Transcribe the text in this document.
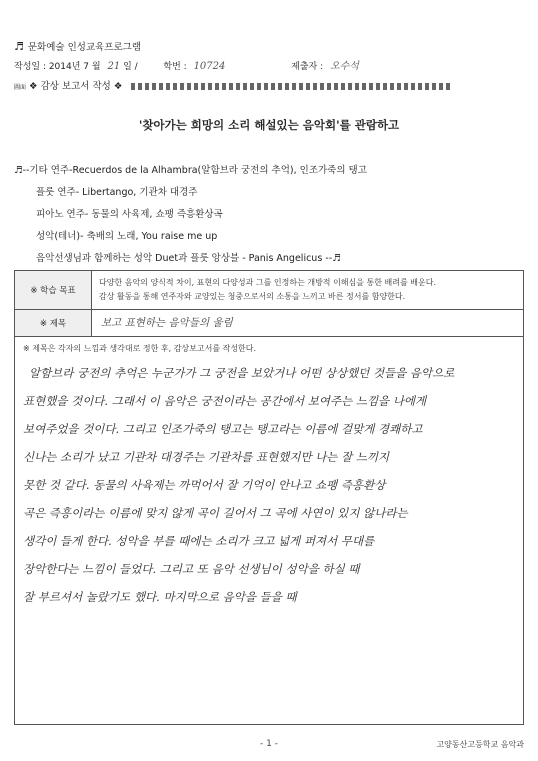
♬ 문화예술 인성교육프로그램
작성일 : 2014년 7 월 21 일 /	학번 : 10724	제출자 : 오수석
圖面 ❖ 감상 보고서 작성 ❖
'찾아가는 희망의 소리 해설있는 음악회'를 관람하고
♬--기타 연주-Recuerdos de la Alhambra(알함브라 궁전의 추억), 인조가죽의 탱고
플룻 연주- Libertango, 기관차 대경주
피아노 연주- 동물의 사육제, 쇼팽 즉흥환상곡
성악(테너)- 축배의 노래, You raise me up
음악선생님과 함께하는 성악 Duet과 플룻 앙상블 - Panis Angelicus --♬
※ 학습 목표
다양한 음악의 양식적 차이, 표현의 다양성과 그를 인정하는 개방적 이해심을 통한 배려를 배운다.
감상 활동을 통해 연주자와 교양있는 청중으로서의 소통을 느끼고 바른 정서를 함양한다.
※ 제목	보고 표현하는 음악들의 울림
※ 제목은 각자의 느낌과 생각대로 정한 후, 감상보고서를 작성한다.
알함브라 궁전의 추억은 누군가가 그 궁전을 보았거나 어떤 상상했던 것들을 음악으로
표현했을 것이다. 그래서 이 음악은 궁전이라는 공간에서 보여주는 느낌을 나에게
보여주었을 것이다. 그리고 인조가죽의 탱고는 탱고라는 이름에 걸맞게 경쾌하고
신나는 소리가 났고 기관차 대경주는 기관차를 표현했지만 나는 잘 느끼지
못한 것 같다. 동물의 사육제는 까먹어서 잘 기억이 안나고 쇼팽 즉흥환상
곡은 즉흥이라는 이름에 맞지 않게 곡이 길어서 그 곡에 사연이 있지 않나라는
생각이 들게 한다. 성악을 부를 때에는 소리가 크고 넓게 퍼져서 무대를
장악한다는 느낌이 들었다. 그리고 또 음악 선생님이 성악을 하실 때
잘 부르셔서 놀랐기도 했다. 마지막으로 음악을 들을 때
- 1 -	고양동산고등학교 음악과
